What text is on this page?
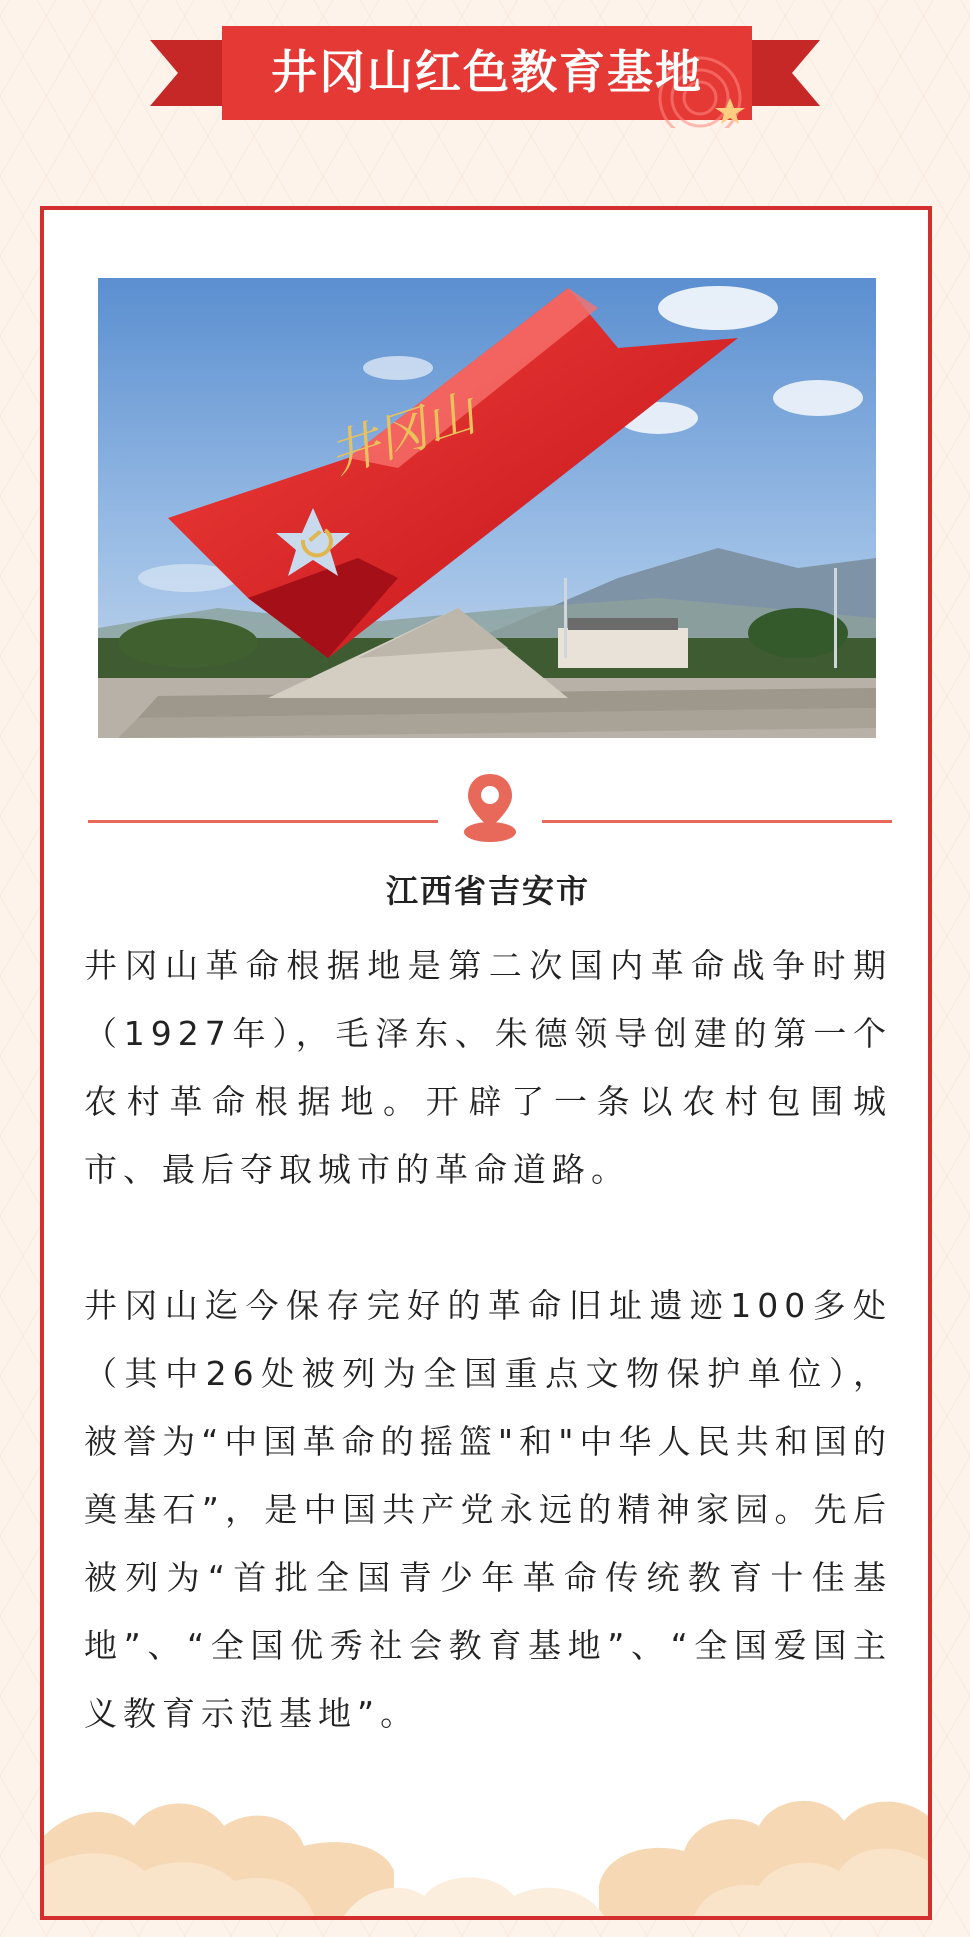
井冈山红色教育基地
井冈山
江西省吉安市

井冈山革命根据地是第二次国内革命战争时期（1927年），毛泽东、朱德领导创建的第一个农村革命根据地。开辟了一条以农村包围城市、最后夺取城市的革命道路。

井冈山迄今保存完好的革命旧址遗迹100多处（其中26处被列为全国重点文物保护单位），被誉为“中国革命的摇篮"和"中华人民共和国的奠基石”，是中国共产党永远的精神家园。先后被列为“首批全国青少年革命传统教育十佳基地”、“全国优秀社会教育基地”、“全国爱国主义教育示范基地”。
